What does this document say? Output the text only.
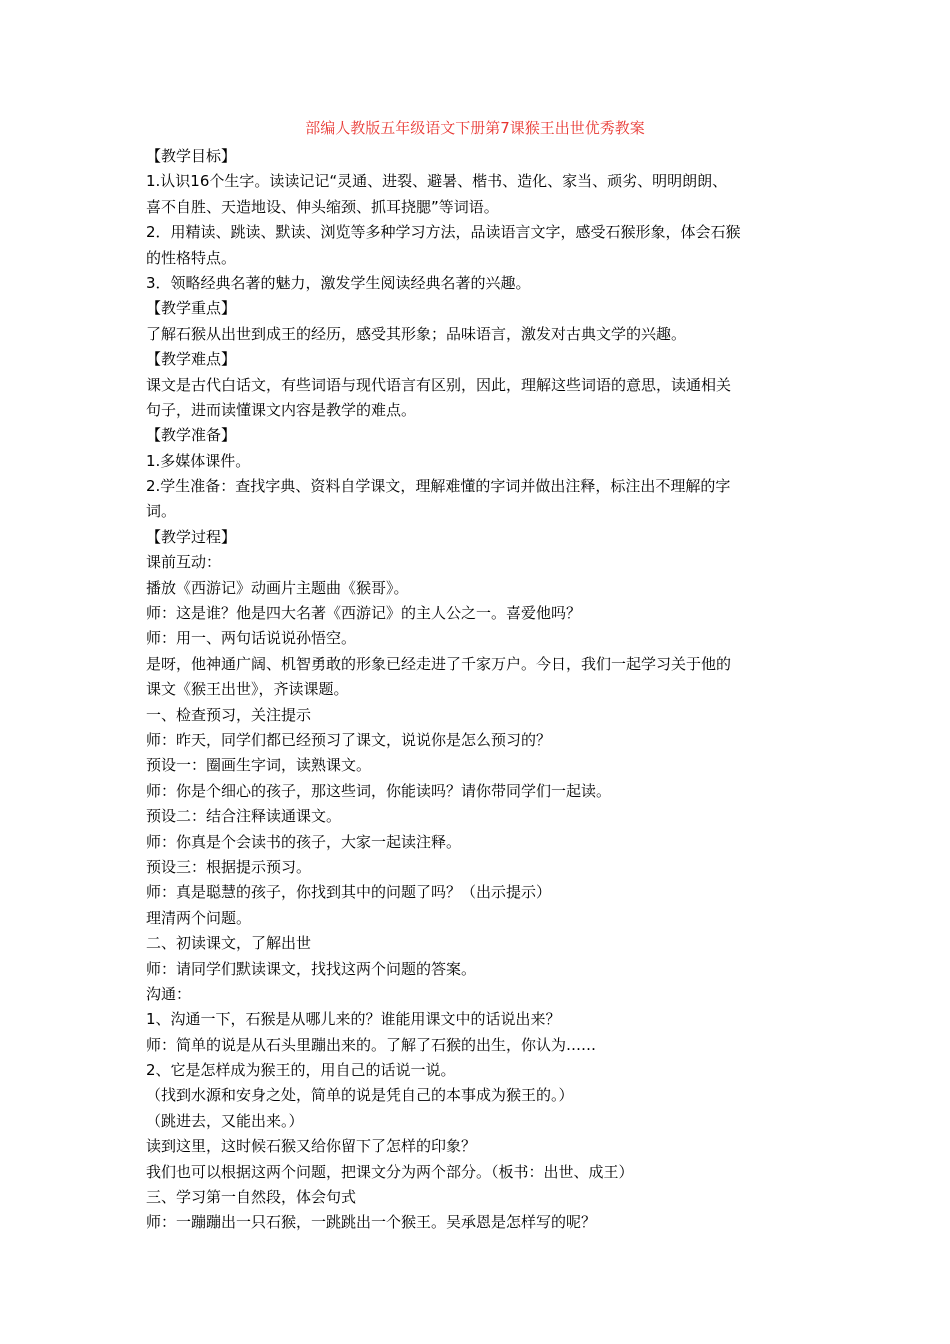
部编人教版五年级语文下册第7课猴王出世优秀教案
【教学目标】
1.认识16个生字。读读记记“灵通、进裂、避暑、楷书、造化、家当、顽劣、明明朗朗、
喜不自胜、天造地设、伸头缩颈、抓耳挠腮”等词语。
2．用精读、跳读、默读、浏览等多种学习方法，品读语言文字，感受石猴形象，体会石猴
的性格特点。
3．领略经典名著的魅力，激发学生阅读经典名著的兴趣。
【教学重点】
了解石猴从出世到成王的经历，感受其形象；品味语言，激发对古典文学的兴趣。
【教学难点】
课文是古代白话文，有些词语与现代语言有区别，因此，理解这些词语的意思，读通相关
句子，进而读懂课文内容是教学的难点。
【教学准备】
1.多媒体课件。
2.学生准备：查找字典、资料自学课文，理解难懂的字词并做出注释，标注出不理解的字
词。
【教学过程】
课前互动：
播放《西游记》动画片主题曲《猴哥》。
师：这是谁？他是四大名著《西游记》的主人公之一。喜爱他吗？
师：用一、两句话说说孙悟空。
是呀，他神通广阔、机智勇敢的形象已经走进了千家万户。今日，我们一起学习关于他的
课文《猴王出世》，齐读课题。
一、检查预习，关注提示
师：昨天，同学们都已经预习了课文，说说你是怎么预习的？
预设一：圈画生字词，读熟课文。
师：你是个细心的孩子，那这些词，你能读吗？请你带同学们一起读。
预设二：结合注释读通课文。
师：你真是个会读书的孩子，大家一起读注释。
预设三：根据提示预习。
师：真是聪慧的孩子，你找到其中的问题了吗？（出示提示）
理清两个问题。
二、初读课文，了解出世
师：请同学们默读课文，找找这两个问题的答案。
沟通：
1、沟通一下，石猴是从哪儿来的？谁能用课文中的话说出来？
师：简单的说是从石头里蹦出来的。了解了石猴的出生，你认为……
2、它是怎样成为猴王的，用自己的话说一说。
（找到水源和安身之处，简单的说是凭自己的本事成为猴王的。）
（跳进去，又能出来。）
读到这里，这时候石猴又给你留下了怎样的印象？
我们也可以根据这两个问题，把课文分为两个部分。（板书：出世、成王）
三、学习第一自然段，体会句式
师：一蹦蹦出一只石猴，一跳跳出一个猴王。吴承恩是怎样写的呢？
